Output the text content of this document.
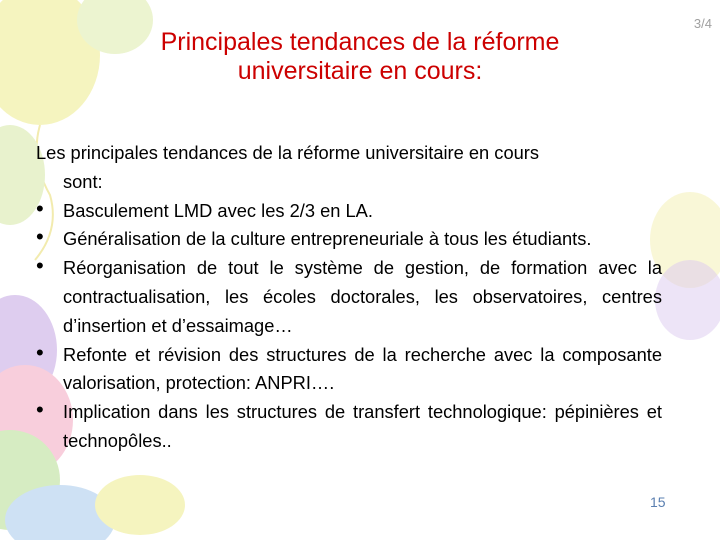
3/4
Principales tendances de la réforme
universitaire en cours:
Les principales tendances de la réforme universitaire en cours
sont:
• Basculement LMD avec les 2/3 en LA.
• Généralisation de la culture entrepreneuriale à tous les étudiants.
• Réorganisation de tout le système de gestion, de formation avec la contractualisation, les écoles doctorales, les observatoires, centres d’insertion et d’essaimage…
• Refonte et révision des structures de la recherche avec la composante valorisation, protection: ANPRI….
• Implication dans les structures de transfert technologique: pépinières et technopôles..
15
